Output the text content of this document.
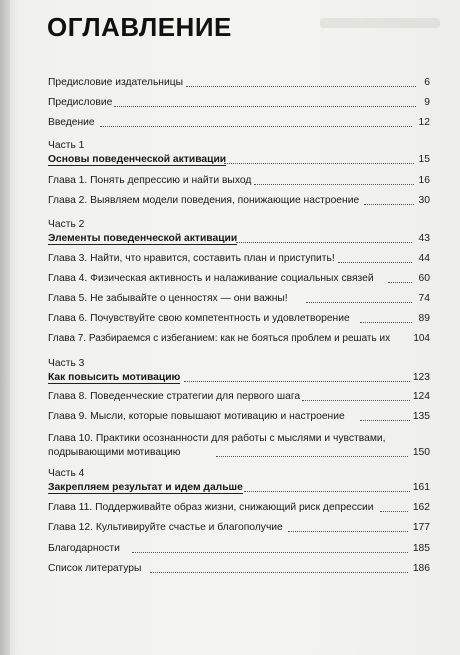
ОГЛАВЛЕНИЕ
Предисловие издательницы	6
Предисловие	9
Введение	12
Часть 1
Основы поведенческой активации	15
Глава 1. Понять депрессию и найти выход	16
Глава 2. Выявляем модели поведения, понижающие настроение	30
Часть 2
Элементы поведенческой активации	43
Глава 3. Найти, что нравится, составить план и приступить!	44
Глава 4. Физическая активность и налаживание социальных связей	60
Глава 5. Не забывайте о ценностях — они важны!	74
Глава 6. Почувствуйте свою компетентность и удовлетворение	89
Глава 7. Разбираемся с избеганием: как не бояться проблем и решать их 104
Часть 3
Как повысить мотивацию	123
Глава 8. Поведенческие стратегии для первого шага	124
Глава 9. Мысли, которые повышают мотивацию и настроение	135
Глава 10. Практики осознанности для работы с мыслями и чувствами, подрывающими мотивацию	150
Часть 4
Закрепляем результат и идем дальше	161
Глава 11. Поддерживайте образ жизни, снижающий риск депрессии	162
Глава 12. Культивируйте счастье и благополучие	177
Благодарности	185
Список литературы	186
